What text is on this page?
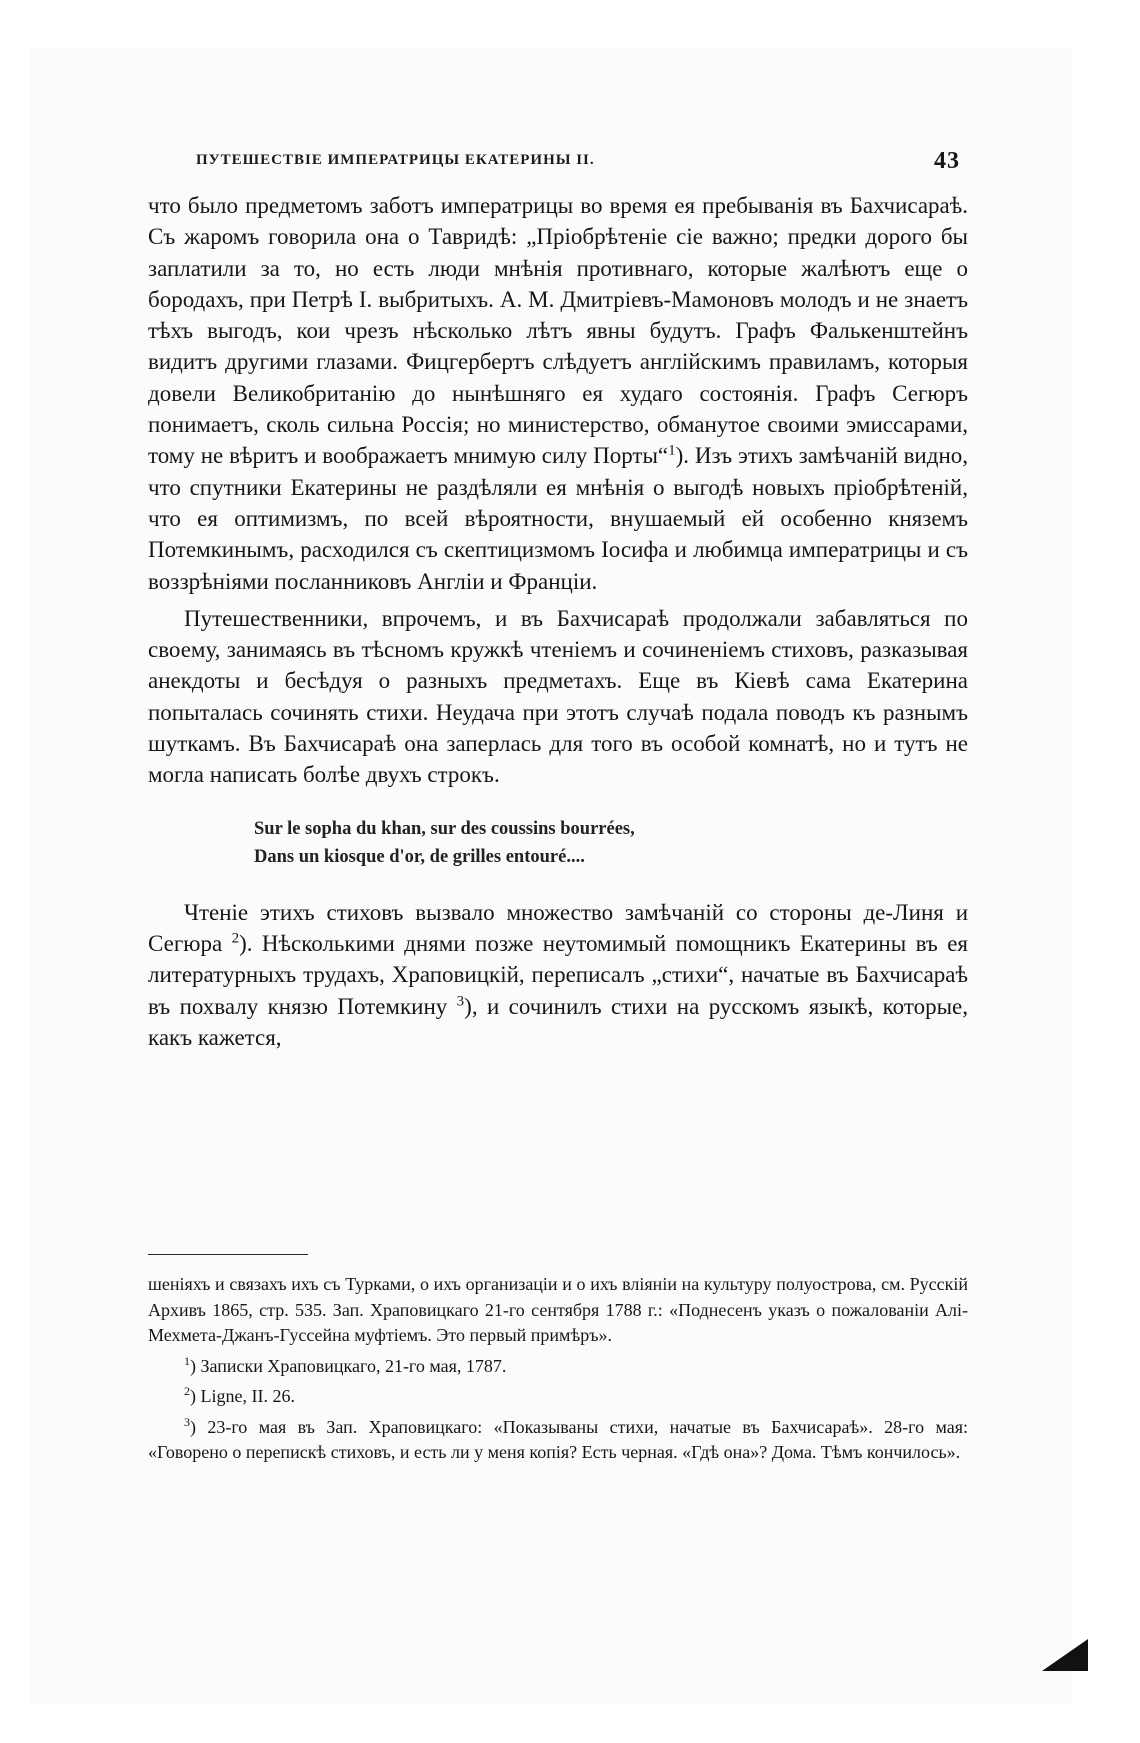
ПУТЕШЕСТВІЕ ИМПЕРАТРИЦЫ ЕКАТЕРИНЫ II.	43

что было предметомъ заботъ императрицы во время ея пребыванія въ Бахчисараѣ. Съ жаромъ говорила она о Тавридѣ: „Пріобрѣтеніе сіе важно; предки дорого бы заплатили за то, но есть люди мнѣнія противнаго, которые жалѣютъ еще о бородахъ, при Петрѣ I. выбритыхъ. А. М. Дмитріевъ-Мамоновъ молодъ и не знаетъ тѣхъ выгодъ, кои чрезъ нѣсколько лѣтъ явны будутъ. Графъ Фалькенштейнъ видитъ другими глазами. Фицгербертъ слѣдуетъ англійскимъ правиламъ, которыя довели Великобританію до нынѣшняго ея худаго состоянія. Графъ Сегюръ понимаетъ, сколь сильна Россія; но министерство, обманутое своими эмиссарами, тому не вѣритъ и воображаетъ мнимую силу Порты“$^1$). Изъ этихъ замѣчаній видно, что спутники Екатерины не раздѣляли ея мнѣнія о выгодѣ новыхъ пріобрѣтеній, что ея оптимизмъ, по всей вѣроятности, внушаемый ей особенно княземъ Потемкинымъ, расходился съ скептицизмомъ Іосифа и любимца императрицы и съ воззрѣніями посланниковъ Англіи и Франціи.

Путешественники, впрочемъ, и въ Бахчисараѣ продолжали забавляться по своему, занимаясь въ тѣсномъ кружкѣ чтеніемъ и сочиненіемъ стиховъ, разказывая анекдоты и бесѣдуя о разныхъ предметахъ. Еще въ Кіевѣ сама Екатерина попыталась сочинять стихи. Неудача при этотъ случаѣ подала поводъ къ разнымъ шуткамъ. Въ Бахчисараѣ она заперлась для того въ особой комнатѣ, но и тутъ не могла написать болѣе двухъ строкъ.

Sur le sopha du khan, sur des coussins bourrées,
Dans un kiosque d'or, de grilles entouré....

Чтеніе этихъ стиховъ вызвало множество замѣчаній со стороны де-Линя и Сегюра $^2$). Нѣсколькими днями позже неутомимый помощникъ Екатерины въ ея литературныхъ трудахъ, Храповицкій, переписалъ „стихи“, начатые въ Бахчисараѣ въ похвалу князю Потемкину $^3$), и сочинилъ стихи на русскомъ языкѣ, которые, какъ кажется,

шеніяхъ и связахъ ихъ съ Турками, о ихъ организаціи и о ихъ вліяніи на культуру полуострова, см. Русскій Архивъ 1865, стр. 535. Зап. Храповицкаго 21-го сентября 1788 г.: «Поднесенъ указъ о пожалованіи Алі-Мехмета-Джанъ-Гуссейна муфтіемъ. Это первый примѣръ».

$^1$) Записки Храповицкаго, 21-го мая, 1787.

$^2$) Ligne, II. 26.

$^3$) 23-го мая въ Зап. Храповицкаго: «Показываны стихи, начатые въ Бахчисараѣ». 28-го мая: «Говорено о перепискѣ стиховъ, и есть ли у меня копія? Есть черная. «Гдѣ она»? Дома. Тѣмъ кончилось».
